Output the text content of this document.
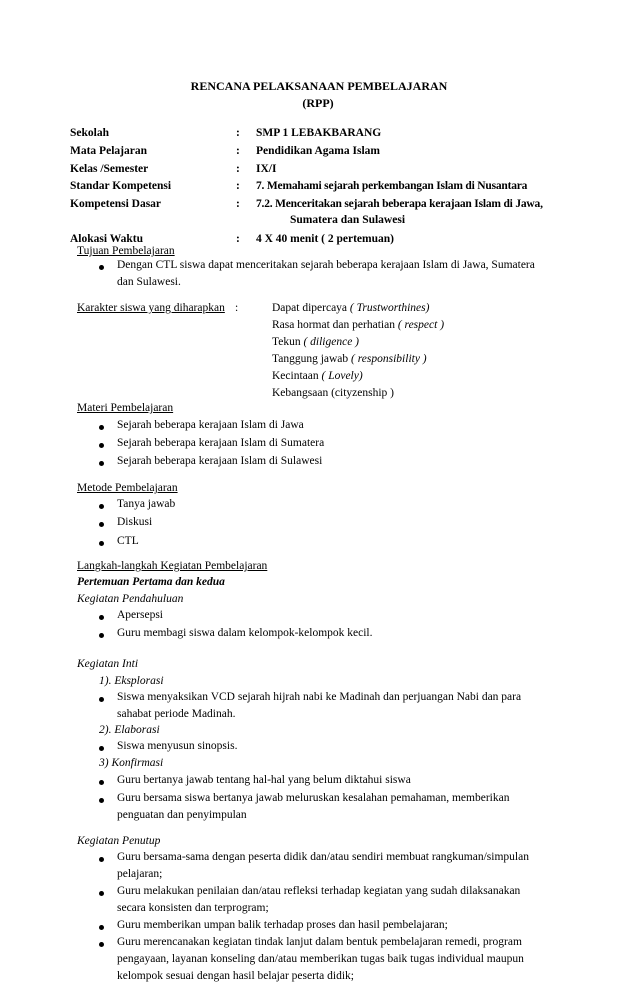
RENCANA PELAKSANAAN PEMBELAJARAN
(RPP)
Sekolah	: SMP 1 LEBAKBARANG
Mata Pelajaran	: Pendidikan Agama Islam
Kelas /Semester	: IX/I
Standar Kompetensi	: 7. Memahami sejarah perkembangan Islam di Nusantara
Kompetensi Dasar	: 7.2. Menceritakan sejarah beberapa kerajaan Islam di Jawa,
Sumatera dan Sulawesi
Alokasi Waktu	: 4 X 40 menit ( 2 pertemuan)
Tujuan Pembelajaran
Dengan CTL siswa dapat menceritakan sejarah beberapa kerajaan Islam di Jawa, Sumatera
dan Sulawesi.
Karakter siswa yang diharapkan :	Dapat dipercaya ( Trustworthines)
Rasa hormat dan perhatian ( respect )
Tekun ( diligence )
Tanggung jawab ( responsibility )
Kecintaan ( Lovely)
Kebangsaan (cityzenship )
Materi Pembelajaran
Sejarah beberapa kerajaan Islam di Jawa
Sejarah beberapa kerajaan Islam di Sumatera
Sejarah beberapa kerajaan Islam di Sulawesi
Metode Pembelajaran
Tanya jawab
Diskusi
CTL
Langkah-langkah Kegiatan Pembelajaran
Pertemuan Pertama dan kedua
Kegiatan Pendahuluan
Apersepsi
Guru membagi siswa dalam kelompok-kelompok kecil.
Kegiatan Inti
1). Eksplorasi
Siswa menyaksikan VCD sejarah hijrah nabi ke Madinah dan perjuangan Nabi dan para
sahabat periode Madinah.
2). Elaborasi
Siswa menyusun sinopsis.
3) Konfirmasi
Guru bertanya jawab tentang hal-hal yang belum diktahui siswa
Guru bersama siswa bertanya jawab meluruskan kesalahan pemahaman, memberikan
penguatan dan penyimpulan
Kegiatan Penutup
Guru bersama-sama dengan peserta didik dan/atau sendiri membuat rangkuman/simpulan
pelajaran;
Guru melakukan penilaian dan/atau refleksi terhadap kegiatan yang sudah dilaksanakan
secara konsisten dan terprogram;
Guru memberikan umpan balik terhadap proses dan hasil pembelajaran;
Guru merencanakan kegiatan tindak lanjut dalam bentuk pembelajaran remedi, program
pengayaan, layanan konseling dan/atau memberikan tugas baik tugas individual maupun
kelompok sesuai dengan hasil belajar peserta didik;
